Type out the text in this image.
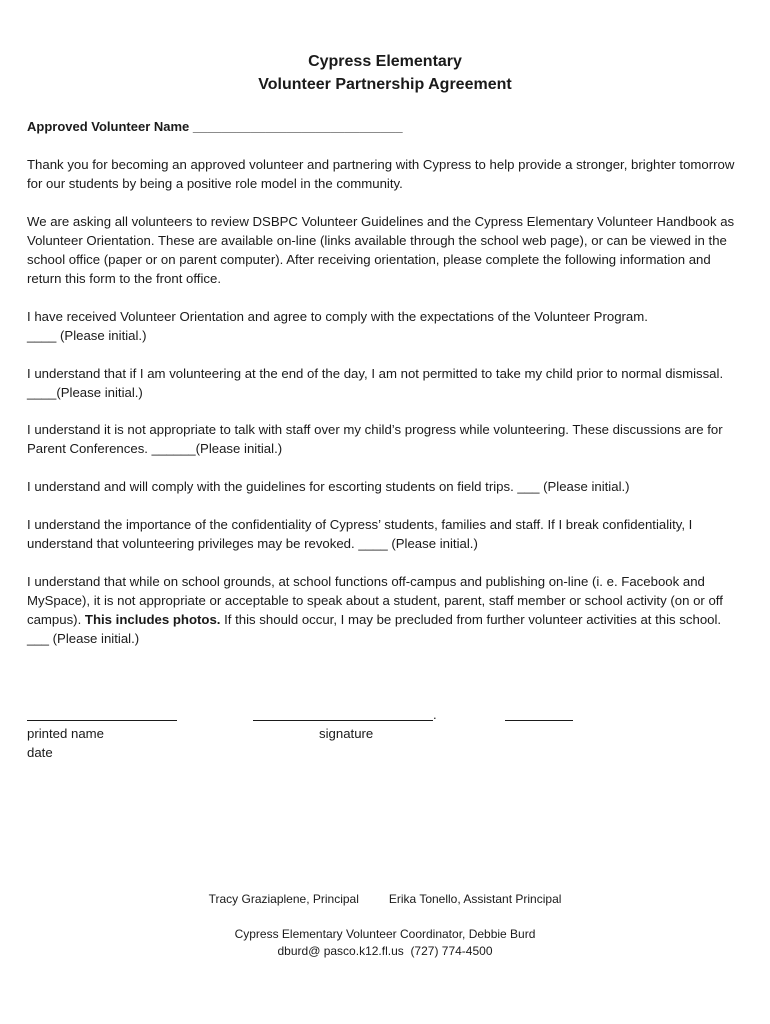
Cypress Elementary
Volunteer Partnership Agreement

Approved Volunteer Name _____________________________

Thank you for becoming an approved volunteer and partnering with Cypress to help provide a stronger, brighter tomorrow for our students by being a positive role model in the community.

We are asking all volunteers to review DSBPC Volunteer Guidelines and the Cypress Elementary Volunteer Handbook as Volunteer Orientation. These are available on-line (links available through the school web page), or can be viewed in the school office (paper or on parent computer). After receiving orientation, please complete the following information and return this form to the front office.

I have received Volunteer Orientation and agree to comply with the expectations of the Volunteer Program.
____ (Please initial.)

I understand that if I am volunteering at the end of the day, I am not permitted to take my child prior to normal dismissal. ____(Please initial.)

I understand it is not appropriate to talk with staff over my child’s progress while volunteering. These discussions are for Parent Conferences. ______(Please initial.)

I understand and will comply with the guidelines for escorting students on field trips. ___ (Please initial.)

I understand the importance of the confidentiality of Cypress’ students, families and staff. If I break confidentiality, I understand that volunteering privileges may be revoked. ____ (Please initial.)

I understand that while on school grounds, at school functions off-campus and publishing on-line (i. e. Facebook and MySpace), it is not appropriate or acceptable to speak about a student, parent, staff member or school activity (on or off campus). This includes photos. If this should occur, I may be precluded from further volunteer activities at this school. ___ (Please initial.)

.
printed name	signature
date
Tracy Graziaplene, Principal	Erika Tonello, Assistant Principal
Cypress Elementary Volunteer Coordinator, Debbie Burd
dburd@ pasco.k12.fl.us (727) 774-4500
